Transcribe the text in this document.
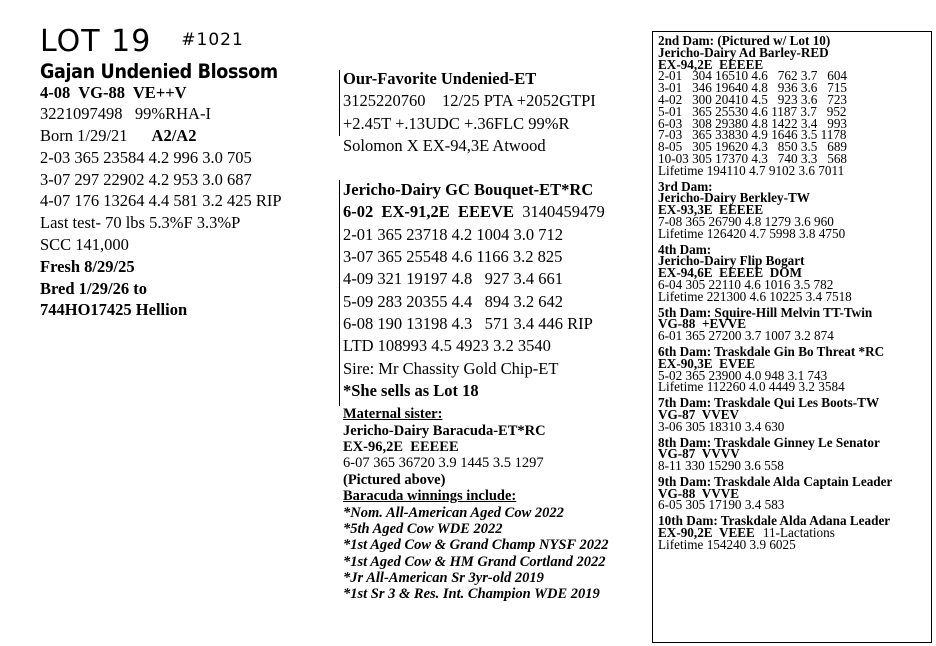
LOT 19 #1021
Gajan Undenied Blossom
4-08  VG-88  VE++V
3221097498   99%RHA-I
Born 1/29/21 A2/A2
2-03 365 23584 4.2 996 3.0 705
3-07 297 22902 4.2 953 3.0 687
4-07 176 13264 4.4 581 3.2 425 RIP
Last test- 70 lbs 5.3%F 3.3%P
SCC 141,000
Fresh 8/29/25
Bred 1/29/26 to
744HO17425 Hellion
Our-Favorite Undenied-ET
3125220760    12/25 PTA +2052GTPI
+2.45T +.13UDC +.36FLC 99%R
Solomon X EX-94,3E Atwood
Jericho-Dairy GC Bouquet-ET*RC
6-02  EX-91,2E  EEEVE 3140459479
2-01 365 23718 4.2 1004 3.0 712
3-07 365 25548 4.6 1166 3.2 825
4-09 321 19197 4.8   927 3.4 661
5-09 283 20355 4.4   894 3.2 642
6-08 190 13198 4.3   571 3.4 446 RIP
LTD 108993 4.5 4923 3.2 3540
Sire: Mr Chassity Gold Chip-ET
*She sells as Lot 18
Maternal sister:
Jericho-Dairy Baracuda-ET*RC
EX-96,2E  EEEEE
6-07 365 36720 3.9 1445 3.5 1297
(Pictured above)
Baracuda winnings include:
*Nom. All-American Aged Cow 2022
*5th Aged Cow WDE 2022
*1st Aged Cow & Grand Champ NYSF 2022
*1st Aged Cow & HM Grand Cortland 2022
*Jr All-American Sr 3yr-old 2019
*1st Sr 3 & Res. Int. Champion WDE 2019
2nd Dam: (Pictured w/ Lot 10)
Jericho-Dairy Ad Barley-RED
EX-94,2E  EEEEE
2-01   304 16510 4.6   762 3.7   604
3-01   346 19640 4.8   936 3.6   715
4-02   300 20410 4.5   923 3.6   723
5-01   365 25530 4.6 1187 3.7   952
6-03   308 29380 4.8 1422 3.4   993
7-03   365 33830 4.9 1646 3.5 1178
8-05   305 19620 4.3   850 3.5   689
10-03 305 17370 4.3   740 3.3   568
Lifetime 194110 4.7 9102 3.6 7011
3rd Dam:
Jericho-Dairy Berkley-TW
EX-93,3E  EEEEE
7-08 365 26790 4.8 1279 3.6 960
Lifetime 126420 4.7 5998 3.8 4750
4th Dam:
Jericho-Dairy Flip Bogart
EX-94,6E  EEEEE  DOM
6-04 305 22110 4.6 1016 3.5 782
Lifetime 221300 4.6 10225 3.4 7518
5th Dam: Squire-Hill Melvin TT-Twin
VG-88  +EVVE
6-01 365 27200 3.7 1007 3.2 874
6th Dam: Traskdale Gin Bo Threat *RC
EX-90,3E  EVEE
5-02 365 23900 4.0 948 3.1 743
Lifetime 112260 4.0 4449 3.2 3584
7th Dam: Traskdale Qui Les Boots-TW
VG-87  VVEV
3-06 305 18310 3.4 630
8th Dam: Traskdale Ginney Le Senator
VG-87  VVVV
8-11 330 15290 3.6 558
9th Dam: Traskdale Alda Captain Leader
VG-88  VVVE
6-05 305 17190 3.4 583
10th Dam: Traskdale Alda Adana Leader
EX-90,2E  VEEE 11-Lactations
Lifetime 154240 3.9 6025
